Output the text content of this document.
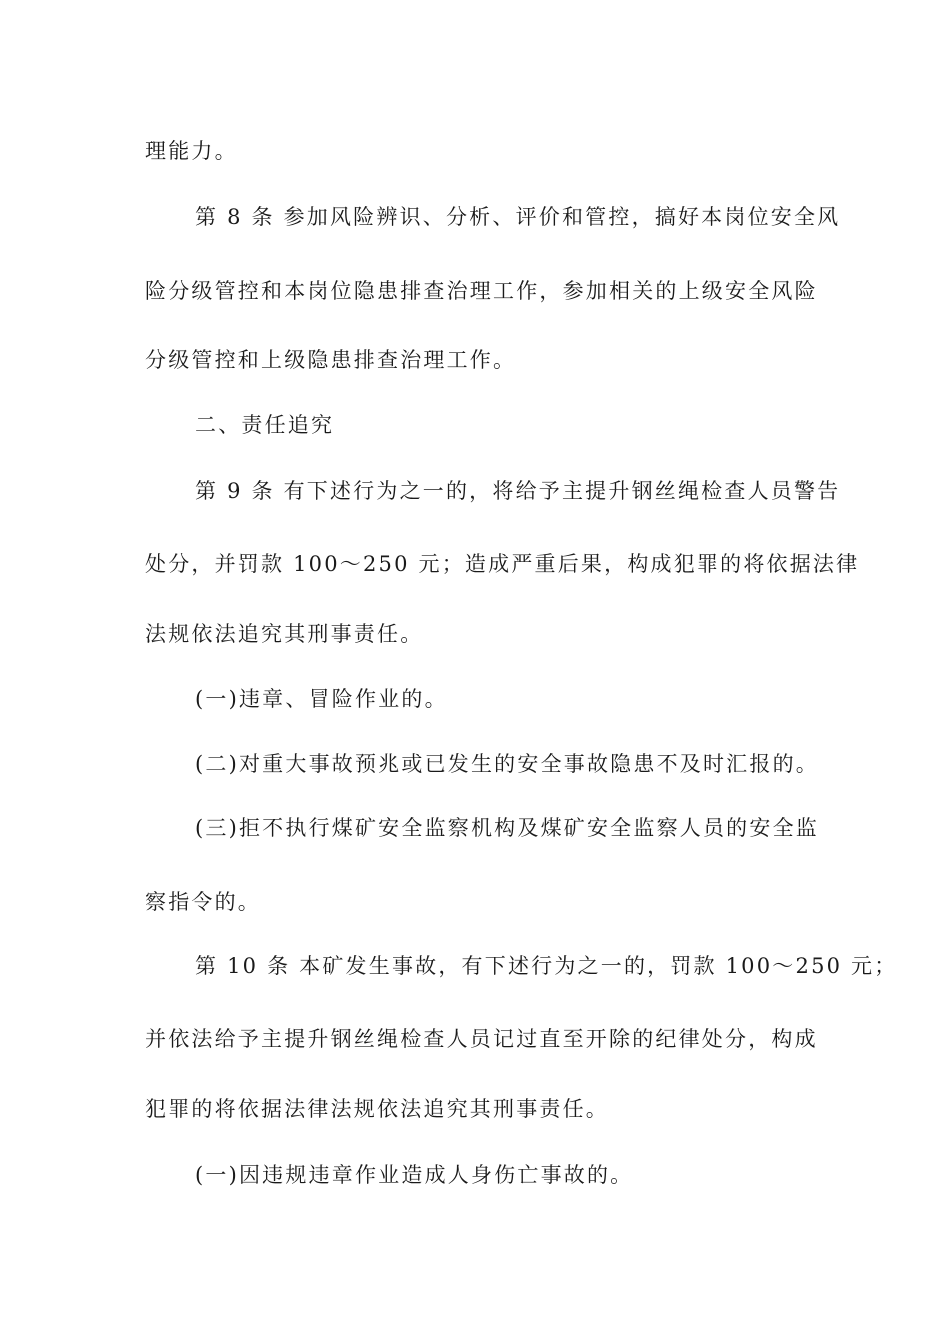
理能力。
第 8 条 参加风险辨识、分析、评价和管控，搞好本岗位安全风
险分级管控和本岗位隐患排查治理工作，参加相关的上级安全风险
分级管控和上级隐患排查治理工作。
二、责任追究
第 9 条 有下述行为之一的，将给予主提升钢丝绳检查人员警告
处分，并罚款 100～250 元；造成严重后果，构成犯罪的将依据法律
法规依法追究其刑事责任。
(一)违章、冒险作业的。
(二)对重大事故预兆或已发生的安全事故隐患不及时汇报的。
(三)拒不执行煤矿安全监察机构及煤矿安全监察人员的安全监
察指令的。
第 10 条 本矿发生事故，有下述行为之一的，罚款 100～250 元；
并依法给予主提升钢丝绳检查人员记过直至开除的纪律处分，构成
犯罪的将依据法律法规依法追究其刑事责任。
(一)因违规违章作业造成人身伤亡事故的。
